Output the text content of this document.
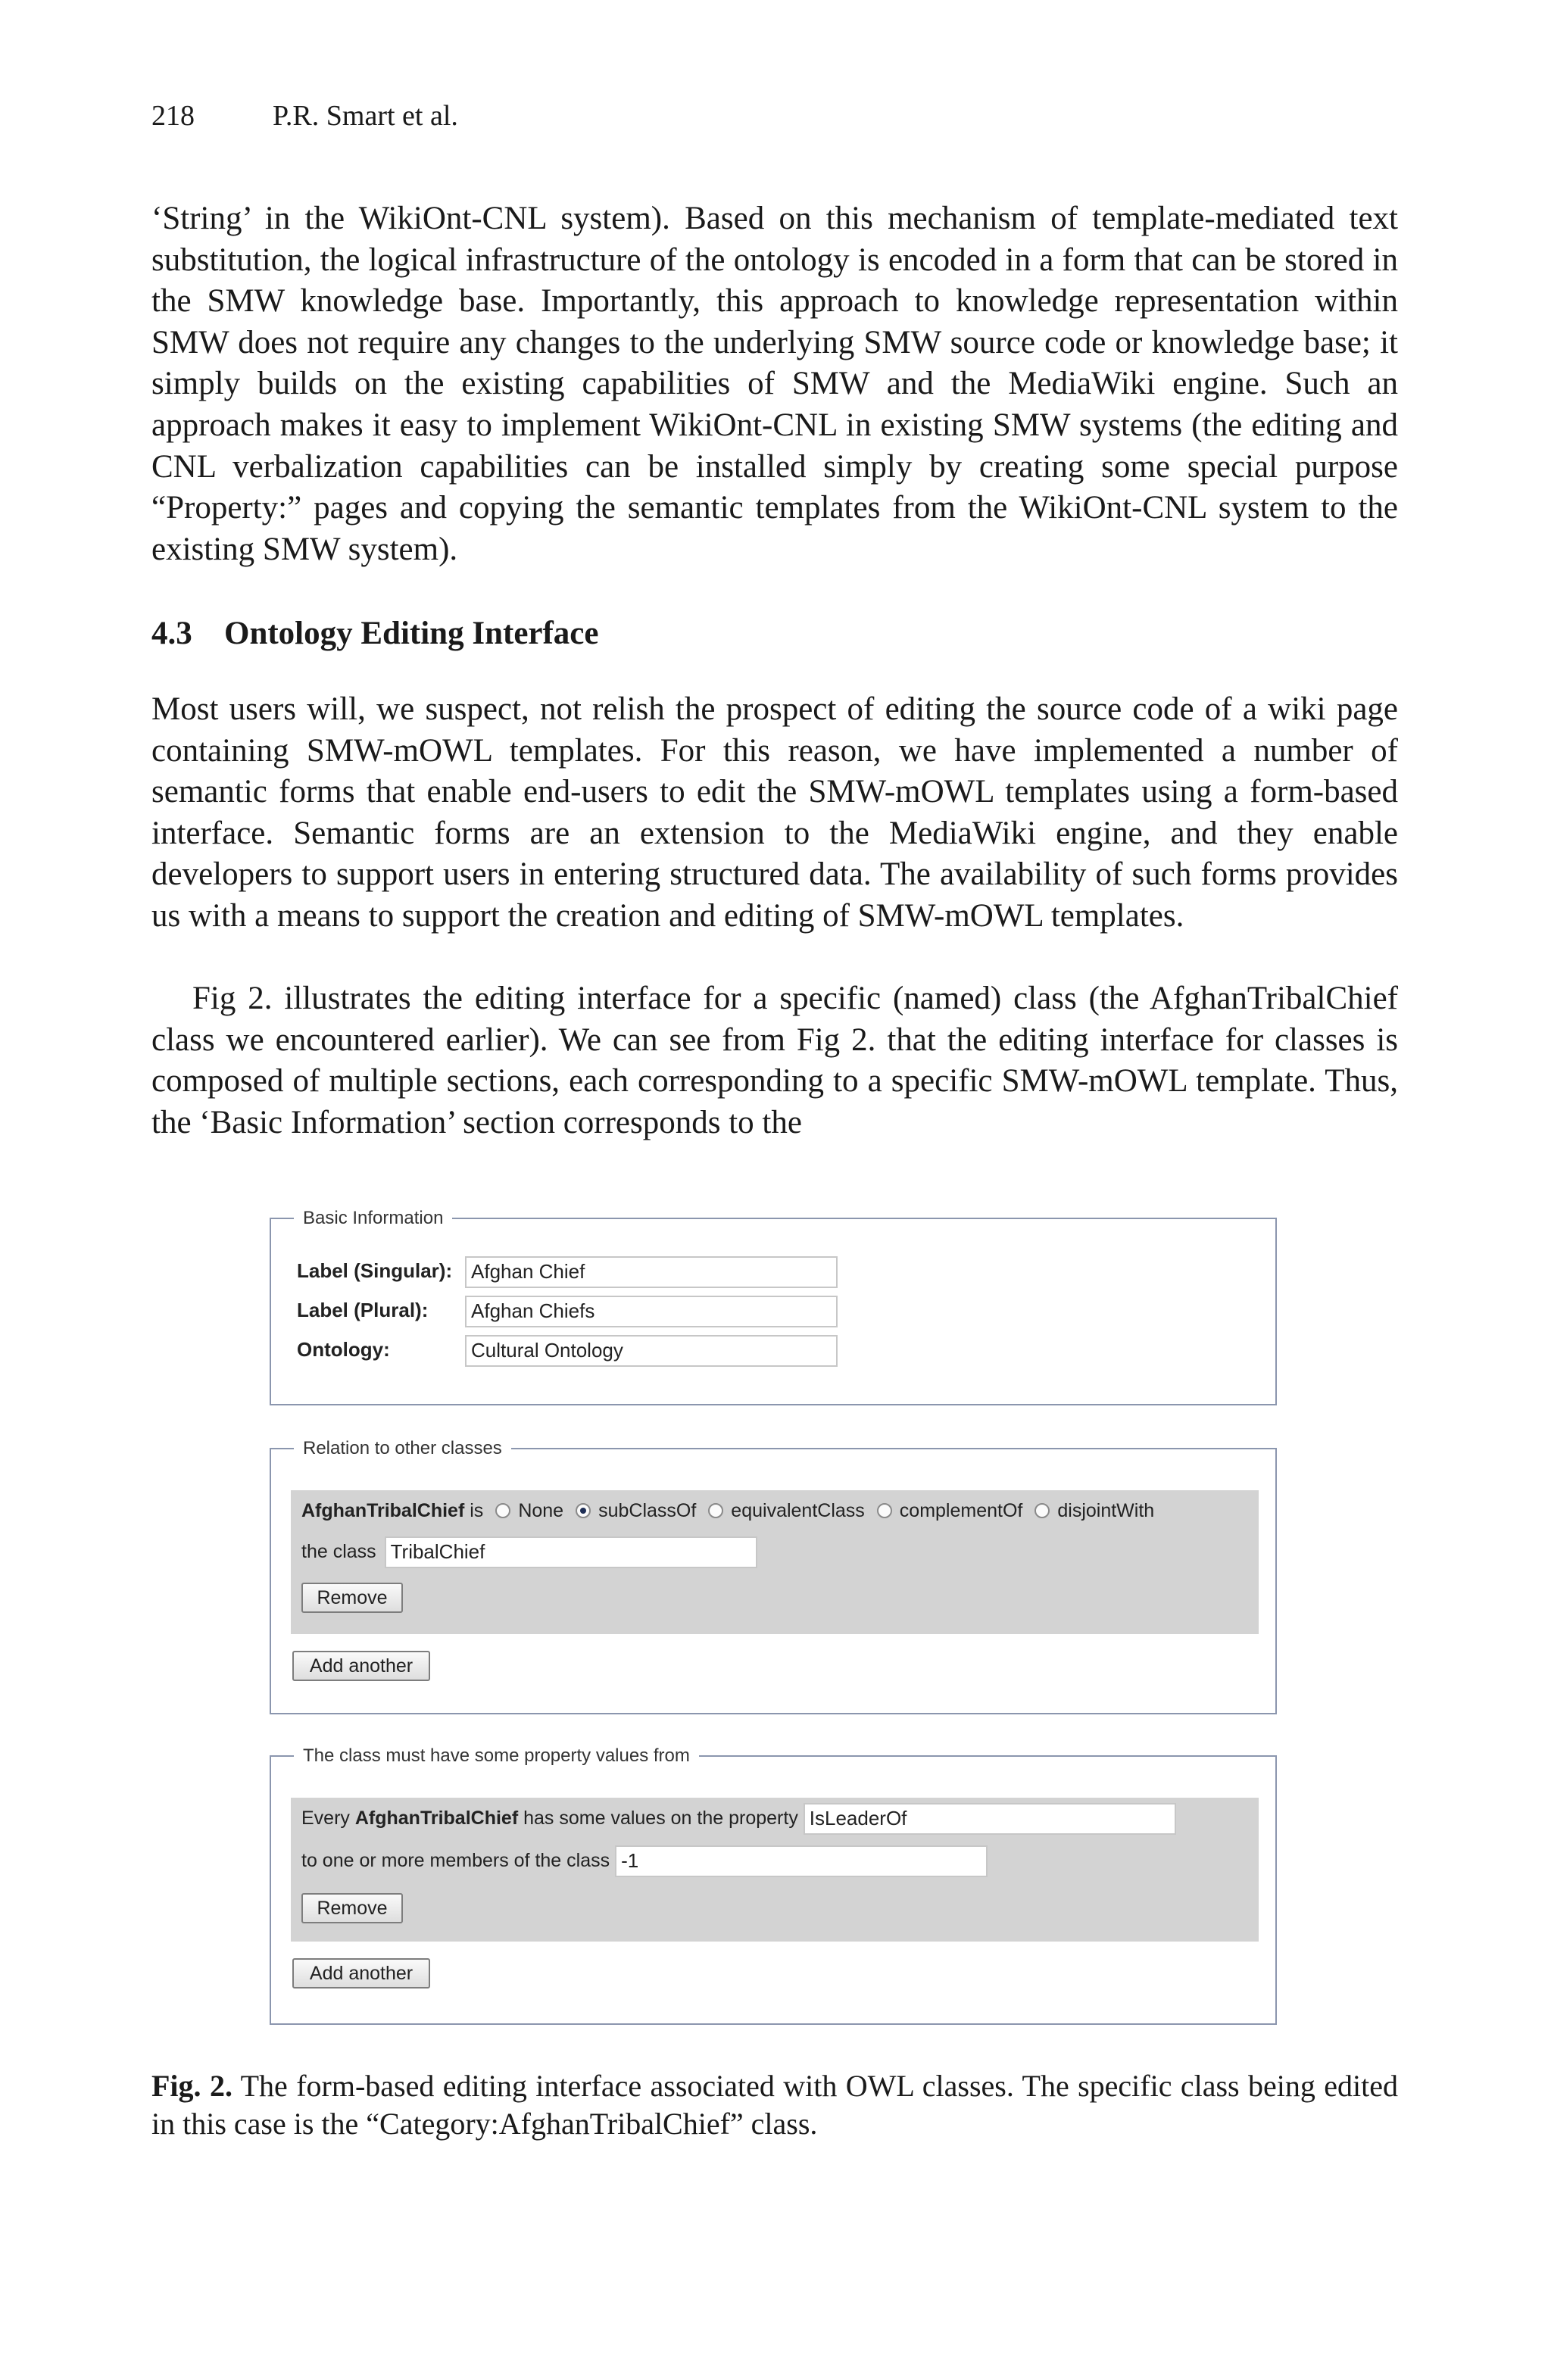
218	P.R. Smart et al.

‘String’ in the WikiOnt-CNL system). Based on this mechanism of template-mediated text substitution, the logical infrastructure of the ontology is encoded in a form that can be stored in the SMW knowledge base. Importantly, this approach to knowledge representation within SMW does not require any changes to the underlying SMW source code or knowledge base; it simply builds on the existing capabilities of SMW and the MediaWiki engine. Such an approach makes it easy to implement WikiOnt-CNL in existing SMW systems (the editing and CNL verbalization capabilities can be installed simply by creating some special purpose “Property:” pages and copying the semantic templates from the WikiOnt-CNL system to the existing SMW system).

4.3 Ontology Editing Interface

Most users will, we suspect, not relish the prospect of editing the source code of a wiki page containing SMW-mOWL templates. For this reason, we have implemented a number of semantic forms that enable end-users to edit the SMW-mOWL templates using a form-based interface. Semantic forms are an extension to the MediaWiki engine, and they enable developers to support users in entering structured data. The availability of such forms provides us with a means to support the creation and editing of SMW-mOWL templates.

Fig 2. illustrates the editing interface for a specific (named) class (the AfghanTribalChief class we encountered earlier). We can see from Fig 2. that the editing interface for classes is composed of multiple sections, each corresponding to a specific SMW-mOWL template. Thus, the ‘Basic Information’ section corresponds to the

Basic Information
Label (Singular): Afghan Chief
Label (Plural): Afghan Chiefs
Ontology:	Cultural Ontology
Relation to other classes
AfghanTribalChief is None subClassOf equivalentClass complementOf disjointWith
the class TribalChief
Remove
Add another
The class must have some property values from
Every AfghanTribalChief has some values on the property IsLeaderOf
to one or more members of the class -1
Remove
Add another

Fig. 2. The form-based editing interface associated with OWL classes. The specific class being edited in this case is the “Category:AfghanTribalChief” class.
